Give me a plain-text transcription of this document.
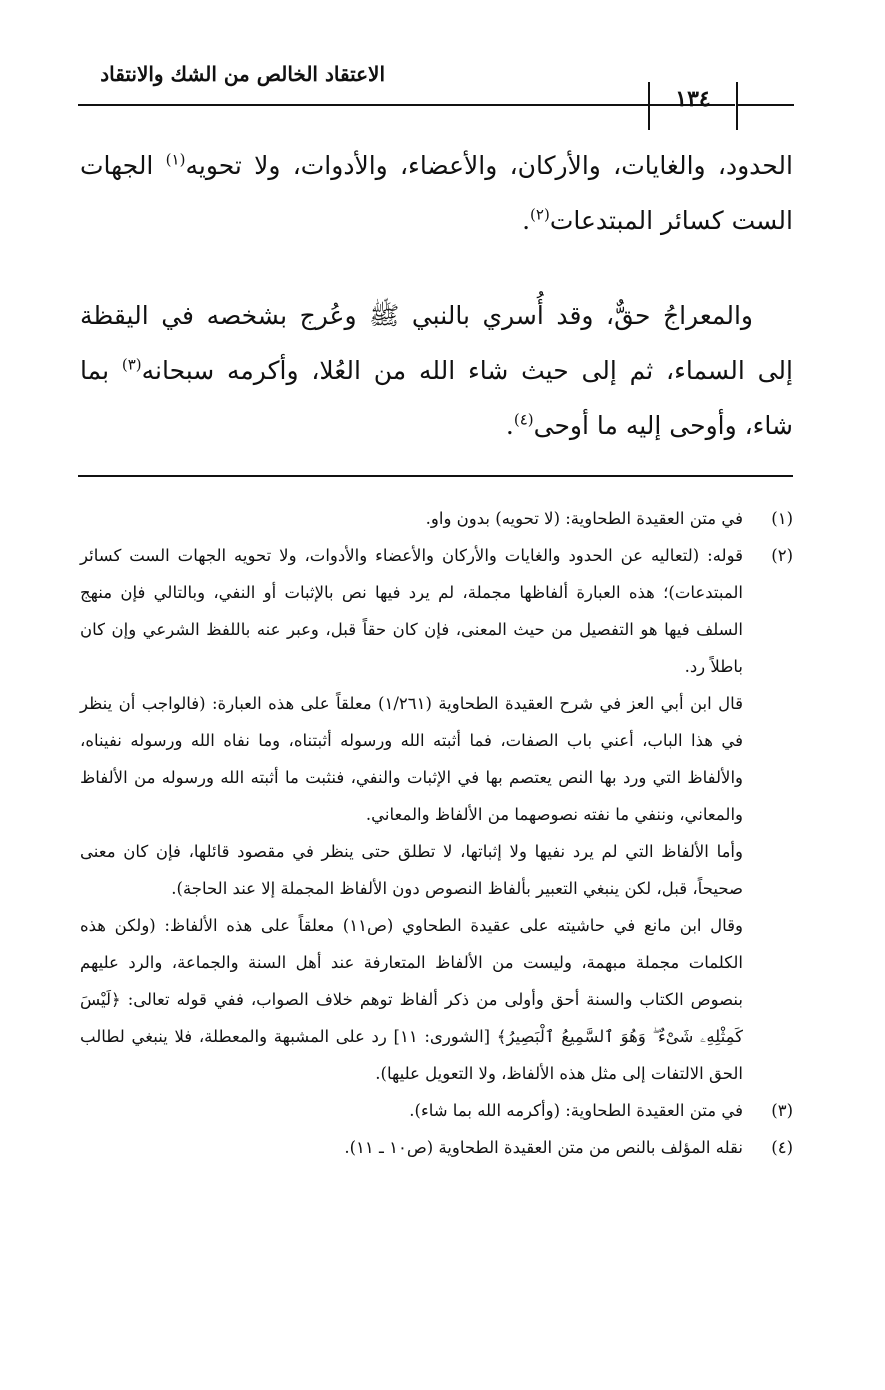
الاعتقاد الخالص من الشك والانتقاد
١٣٤

الحدود، والغايات، والأركان، والأعضاء، والأدوات، ولا تحويه$^{(١)}$ الجهات الست كسائر المبتدعات$^{(٢)}$.

والمعراجُ حقٌّ، وقد أُسري بالنبي ﷺ وعُرج بشخصه في اليقظة إلى السماء، ثم إلى حيث شاء الله من العُلا، وأكرمه سبحانه$^{(٣)}$ بما شاء، وأوحى إليه ما أوحى$^{(٤)}$.

(١)

في متن العقيدة الطحاوية: (لا تحويه) بدون واو.

(٢)

قوله: (لتعاليه عن الحدود والغايات والأركان والأعضاء والأدوات، ولا تحويه الجهات الست كسائر المبتدعات)؛ هذه العبارة ألفاظها مجملة، لم يرد فيها نص بالإثبات أو النفي، وبالتالي فإن منهج السلف فيها هو التفصيل من حيث المعنى، فإن كان حقاً قبل، وعبر عنه باللفظ الشرعي وإن كان باطلاً رد.

قال ابن أبي العز في شرح العقيدة الطحاوية (١/٢٦١) معلقاً على هذه العبارة: (فالواجب أن ينظر في هذا الباب، أعني باب الصفات، فما أثبته الله ورسوله أثبتناه، وما نفاه الله ورسوله نفيناه، والألفاظ التي ورد بها النص يعتصم بها في الإثبات والنفي، فنثبت ما أثبته الله ورسوله من الألفاظ والمعاني، وننفي ما نفته نصوصهما من الألفاظ والمعاني.

وأما الألفاظ التي لم يرد نفيها ولا إثباتها، لا تطلق حتى ينظر في مقصود قائلها، فإن كان معنى صحيحاً، قبل، لكن ينبغي التعبير بألفاظ النصوص دون الألفاظ المجملة إلا عند الحاجة).

وقال ابن مانع في حاشيته على عقيدة الطحاوي (ص١١) معلقاً على هذه الألفاظ: (ولكن هذه الكلمات مجملة مبهمة، وليست من الألفاظ المتعارفة عند أهل السنة والجماعة، والرد عليهم بنصوص الكتاب والسنة أحق وأولى من ذكر ألفاظ توهم خلاف الصواب، ففي قوله تعالى: ﴿لَيْسَ كَمِثْلِهِۦ شَىْءٌ ۖ وَهُوَ ٱلسَّمِيعُ ٱلْبَصِيرُ﴾ [الشورى: ١١] رد على المشبهة والمعطلة، فلا ينبغي لطالب الحق الالتفات إلى مثل هذه الألفاظ، ولا التعويل عليها).

(٣)

في متن العقيدة الطحاوية: (وأكرمه الله بما شاء).

(٤)

نقله المؤلف بالنص من متن العقيدة الطحاوية (ص١٠ ـ ١١).
